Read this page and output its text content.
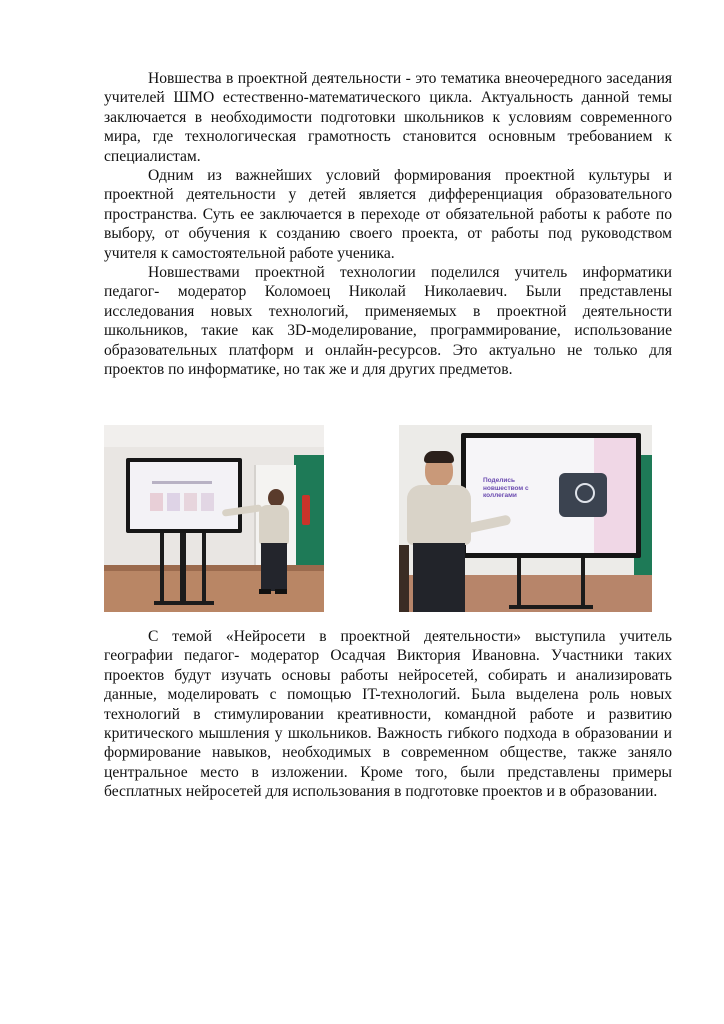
Новшества в проектной деятельности - это тематика внеочередного заседания учителей ШМО естественно-математического цикла. Актуальность данной темы заключается в необходимости подготовки школьников к условиям современного мира, где технологическая грамотность становится основным требованием к специалистам.

Одним из важнейших условий формирования проектной культуры и проектной деятельности у детей является дифференциация образовательного пространства. Суть ее заключается в переходе от обязательной работы к работе по выбору, от обучения к созданию своего проекта, от работы под руководством учителя к самостоятельной работе ученика.

Новшествами проектной технологии поделился учитель информатики педагог- модератор Коломоец Николай Николаевич. Были представлены исследования новых технологий, применяемых в проектной деятельности школьников, такие как 3D-моделирование, программирование, использование образовательных платформ и онлайн-ресурсов. Это актуально не только для проектов по информатике, но так же и для других предметов.

Поделись новшеством с коллегами

С темой «Нейросети в проектной деятельности» выступила учитель географии педагог- модератор Осадчая Виктория Ивановна. Участники таких проектов будут изучать основы работы нейросетей, собирать и анализировать данные, моделировать с помощью IT-технологий. Была выделена роль новых технологий в стимулировании креативности, командной работе и развитию критического мышления у школьников. Важность гибкого подхода в образовании и формирование навыков, необходимых в современном обществе, также заняло центральное место в изложении. Кроме того, были представлены примеры бесплатных нейросетей для использования в подготовке проектов и в образовании.
